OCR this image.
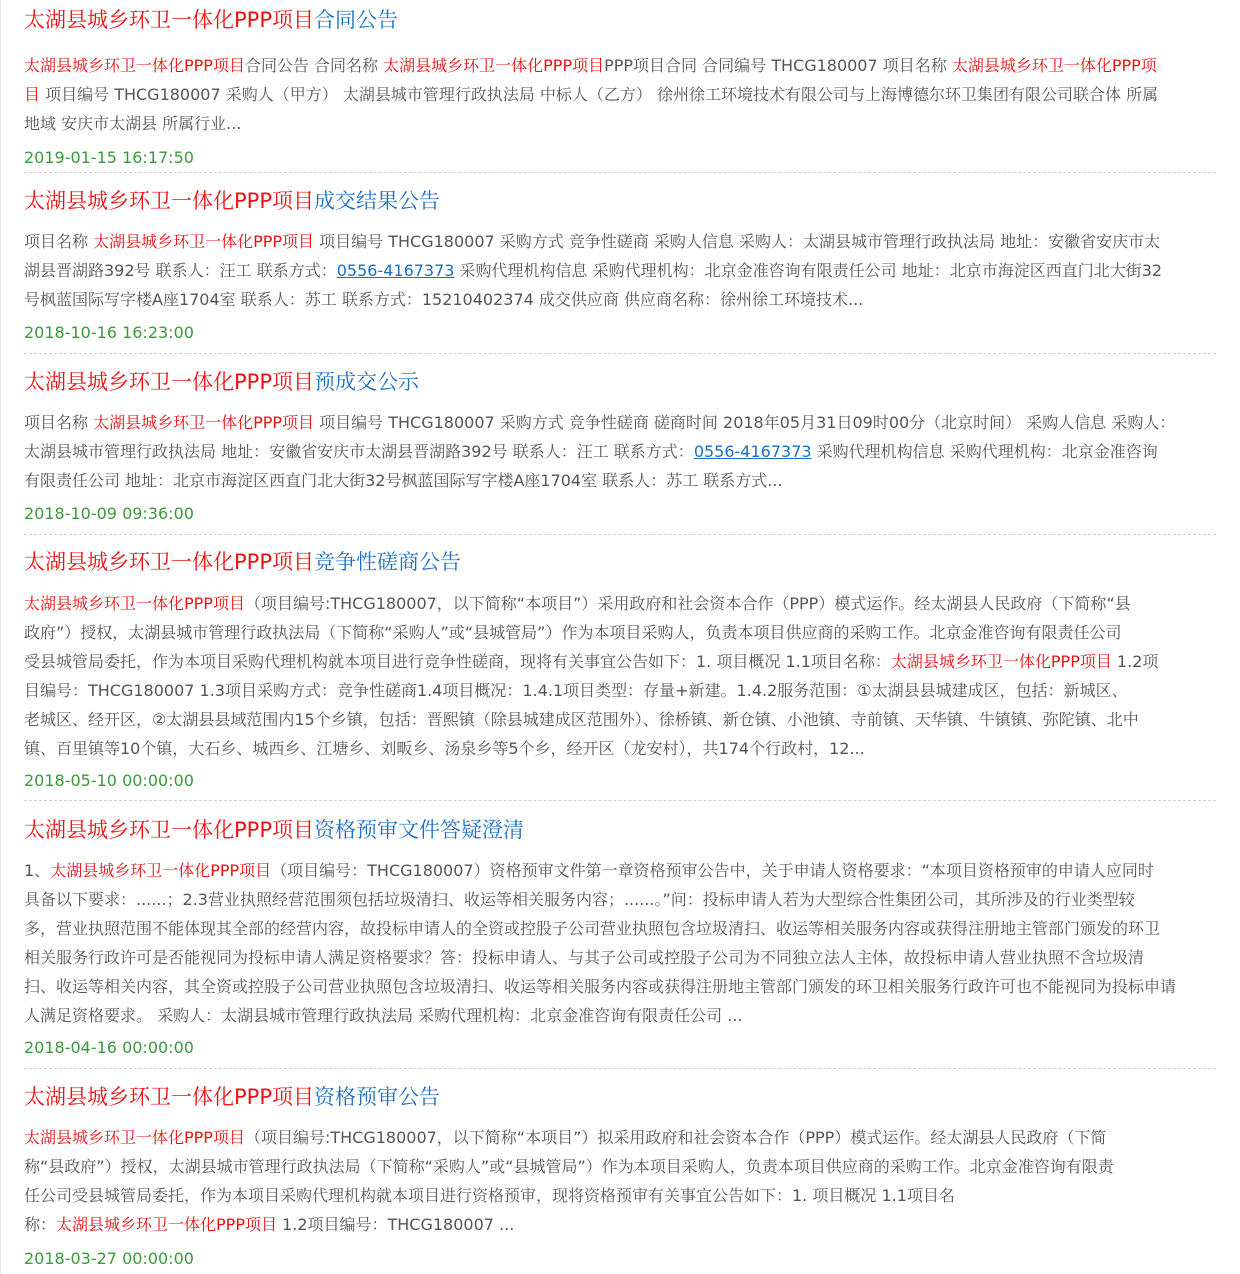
太湖县城乡环卫一体化PPP项目合同公告
太湖县城乡环卫一体化PPP项目合同公告 合同名称 太湖县城乡环卫一体化PPP项目PPP项目合同 合同编号 THCG180007 项目名称 太湖县城乡环卫一体化PPP项
目 项目编号 THCG180007 采购人（甲方） 太湖县城市管理行政执法局 中标人（乙方） 徐州徐工环境技术有限公司与上海博德尔环卫集团有限公司联合体 所属
地域 安庆市太湖县 所属行业...
2019-01-15 16:17:50
太湖县城乡环卫一体化PPP项目成交结果公告
项目名称 太湖县城乡环卫一体化PPP项目 项目编号 THCG180007 采购方式 竞争性磋商 采购人信息 采购人：太湖县城市管理行政执法局 地址：安徽省安庆市太
湖县晋湖路392号 联系人：汪工 联系方式：0556-4167373 采购代理机构信息 采购代理机构：北京金准咨询有限责任公司 地址：北京市海淀区西直门北大街32
号枫蓝国际写字楼A座1704室 联系人：苏工 联系方式：15210402374 成交供应商 供应商名称：徐州徐工环境技术...
2018-10-16 16:23:00
太湖县城乡环卫一体化PPP项目预成交公示
项目名称 太湖县城乡环卫一体化PPP项目 项目编号 THCG180007 采购方式 竞争性磋商 磋商时间 2018年05月31日09时00分（北京时间） 采购人信息 采购人：
太湖县城市管理行政执法局 地址：安徽省安庆市太湖县晋湖路392号 联系人：汪工 联系方式：0556-4167373 采购代理机构信息 采购代理机构：北京金准咨询
有限责任公司 地址：北京市海淀区西直门北大街32号枫蓝国际写字楼A座1704室 联系人：苏工 联系方式...
2018-10-09 09:36:00
太湖县城乡环卫一体化PPP项目竞争性磋商公告
太湖县城乡环卫一体化PPP项目（项目编号:THCG180007，以下简称“本项目”）采用政府和社会资本合作（PPP）模式运作。经太湖县人民政府（下简称“县
政府”）授权，太湖县城市管理行政执法局（下简称“采购人”或“县城管局”）作为本项目采购人，负责本项目供应商的采购工作。北京金准咨询有限责任公司
受县城管局委托，作为本项目采购代理机构就本项目进行竞争性磋商，现将有关事宜公告如下：1. 项目概况 1.1项目名称：太湖县城乡环卫一体化PPP项目 1.2项
目编号：THCG180007 1.3项目采购方式：竞争性磋商1.4项目概况：1.4.1项目类型：存量+新建。1.4.2服务范围：①太湖县县城建成区，包括：新城区、
老城区、经开区，②太湖县县域范围内15个乡镇，包括：晋熙镇（除县城建成区范围外）、徐桥镇、新仓镇、小池镇、寺前镇、天华镇、牛镇镇、弥陀镇、北中
镇、百里镇等10个镇，大石乡、城西乡、江塘乡、刘畈乡、汤泉乡等5个乡，经开区（龙安村），共174个行政村，12...
2018-05-10 00:00:00
太湖县城乡环卫一体化PPP项目资格预审文件答疑澄清
1、太湖县城乡环卫一体化PPP项目（项目编号：THCG180007）资格预审文件第一章资格预审公告中，关于申请人资格要求：“本项目资格预审的申请人应同时
具备以下要求：......；2.3营业执照经营范围须包括垃圾清扫、收运等相关服务内容；......。”问：投标申请人若为大型综合性集团公司，其所涉及的行业类型较
多，营业执照范围不能体现其全部的经营内容，故投标申请人的全资或控股子公司营业执照包含垃圾清扫、收运等相关服务内容或获得注册地主管部门颁发的环卫
相关服务行政许可是否能视同为投标申请人满足资格要求？答：投标申请人、与其子公司或控股子公司为不同独立法人主体，故投标申请人营业执照不含垃圾清
扫、收运等相关内容，其全资或控股子公司营业执照包含垃圾清扫、收运等相关服务内容或获得注册地主管部门颁发的环卫相关服务行政许可也不能视同为投标申请
人满足资格要求。 采购人：太湖县城市管理行政执法局 采购代理机构：北京金准咨询有限责任公司 ...
2018-04-16 00:00:00
太湖县城乡环卫一体化PPP项目资格预审公告
太湖县城乡环卫一体化PPP项目（项目编号:THCG180007，以下简称“本项目”）拟采用政府和社会资本合作（PPP）模式运作。经太湖县人民政府（下简
称“县政府”）授权，太湖县城市管理行政执法局（下简称“采购人”或“县城管局”）作为本项目采购人，负责本项目供应商的采购工作。北京金准咨询有限责
任公司受县城管局委托，作为本项目采购代理机构就本项目进行资格预审，现将资格预审有关事宜公告如下：1. 项目概况 1.1项目名
称：太湖县城乡环卫一体化PPP项目 1.2项目编号：THCG180007 ...
2018-03-27 00:00:00
